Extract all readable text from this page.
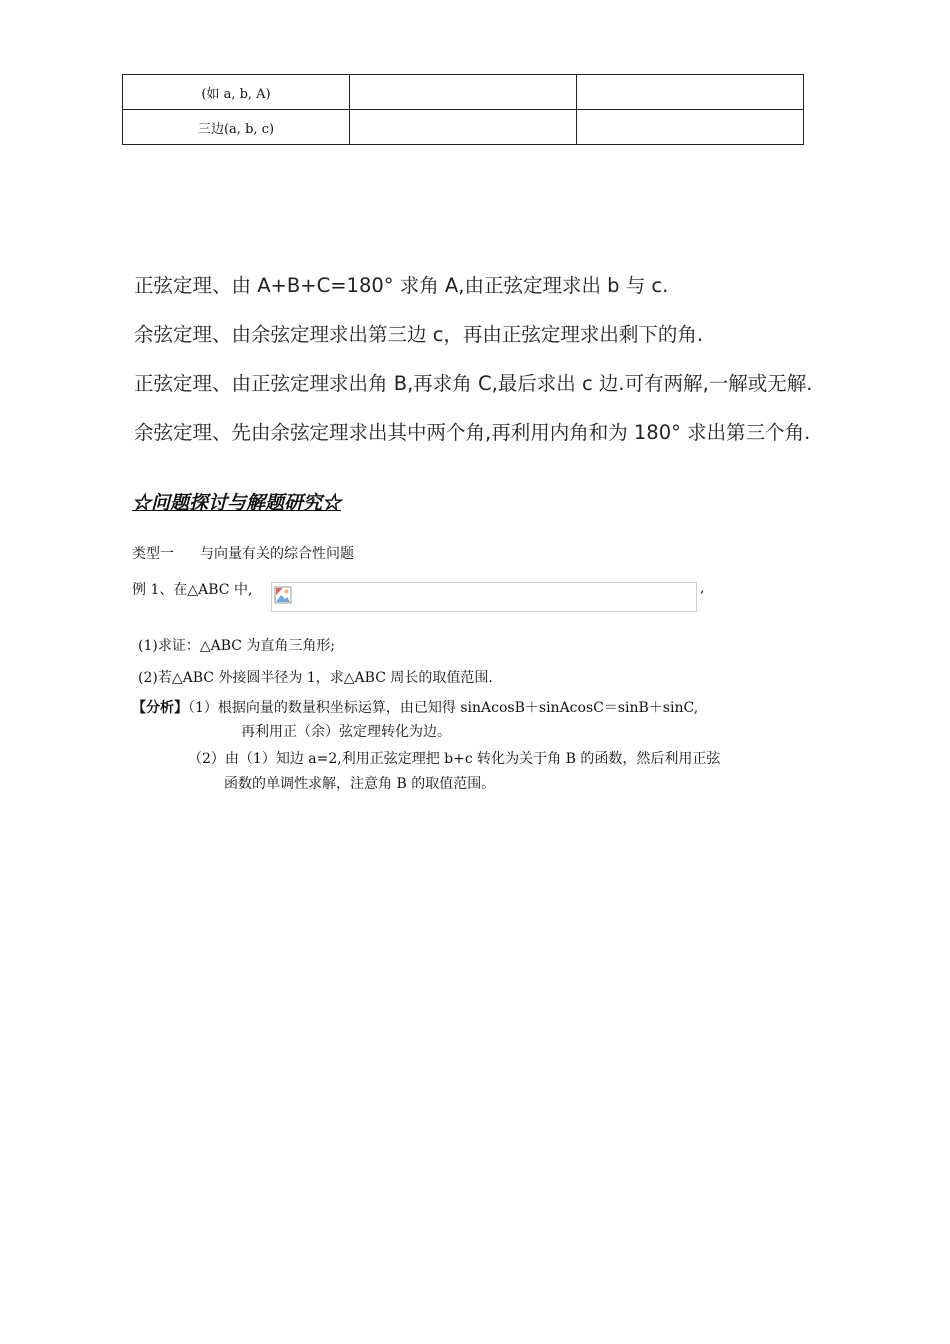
(如 a, b, A)		
三边(a, b, c)		
正弦定理、由 A+B+C=180° 求角 A,由正弦定理求出 b 与 c.
余弦定理、由余弦定理求出第三边 c，再由正弦定理求出剩下的角.
正弦定理、由正弦定理求出角 B,再求角 C,最后求出 c 边.可有两解,一解或无解.
余弦定理、先由余弦定理求出其中两个角,再利用内角和为 180° 求出第三个角.
☆问题探讨与解题研究☆
类型一 与向量有关的综合性问题
例 1、在△ABC 中,	,
(1)求证：△ABC 为直角三角形;
(2)若△ABC 外接圆半径为 1，求△ABC 周长的取值范围.
【分析】（1）根据向量的数量积坐标运算，由已知得 sinAcosB＋sinAcosC＝sinB＋sinC,
再利用正（余）弦定理转化为边。
（2）由（1）知边 a=2,利用正弦定理把 b+c 转化为关于角 B 的函数，然后利用正弦
函数的单调性求解，注意角 B 的取值范围。
